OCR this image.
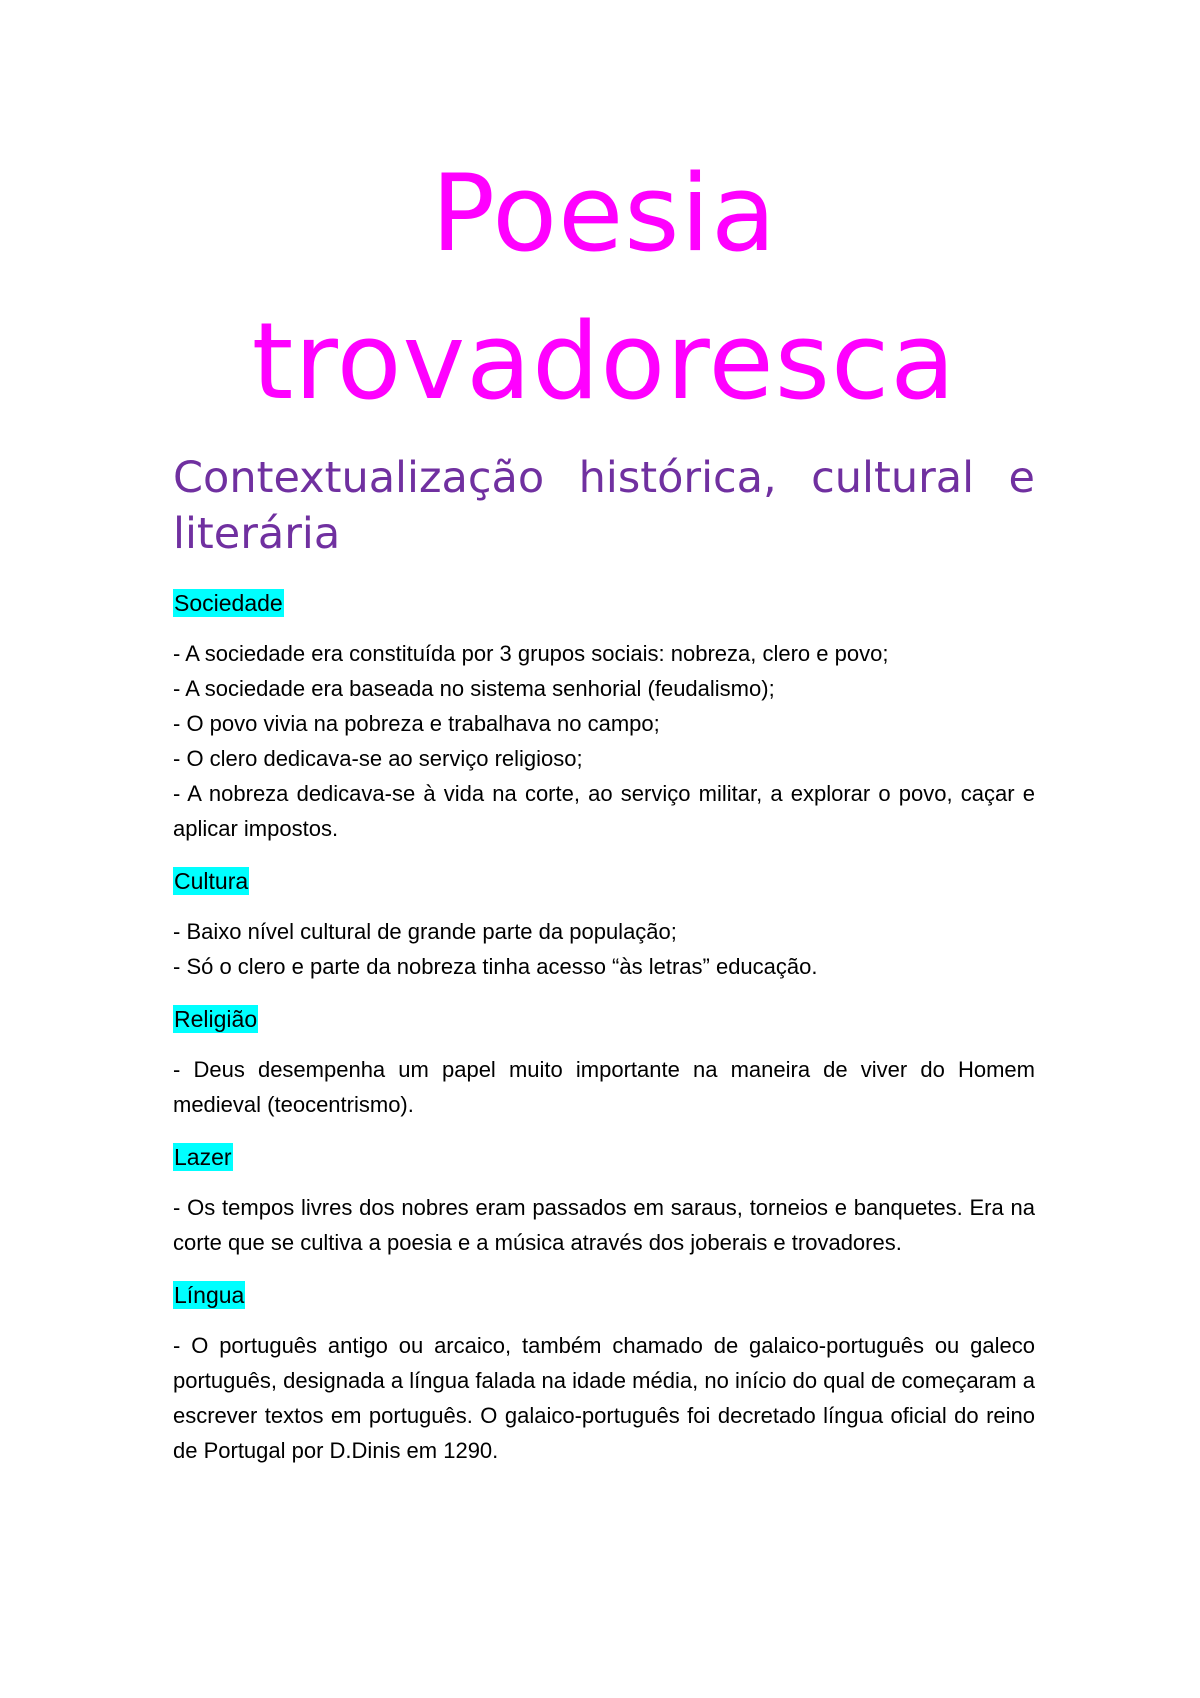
Poesia
trovadoresca
Contextualização histórica, cultural e literária

Sociedade

- A sociedade era constituída por 3 grupos sociais: nobreza, clero e povo;
- A sociedade era baseada no sistema senhorial (feudalismo);
- O povo vivia na pobreza e trabalhava no campo;
- O clero dedicava-se ao serviço religioso;
- A nobreza dedicava-se à vida na corte, ao serviço militar, a explorar o povo, caçar e aplicar impostos.

Cultura

- Baixo nível cultural de grande parte da população;
- Só o clero e parte da nobreza tinha acesso “às letras” educação.

Religião

- Deus desempenha um papel muito importante na maneira de viver do Homem medieval (teocentrismo).

Lazer

- Os tempos livres dos nobres eram passados em saraus, torneios e banquetes. Era na corte que se cultiva a poesia e a música através dos joberais e trovadores.

Língua

- O português antigo ou arcaico, também chamado de galaico-português ou galeco português, designada a língua falada na idade média, no início do qual de começaram a escrever textos em português. O galaico-português foi decretado língua oficial do reino de Portugal por D.Dinis em 1290.
